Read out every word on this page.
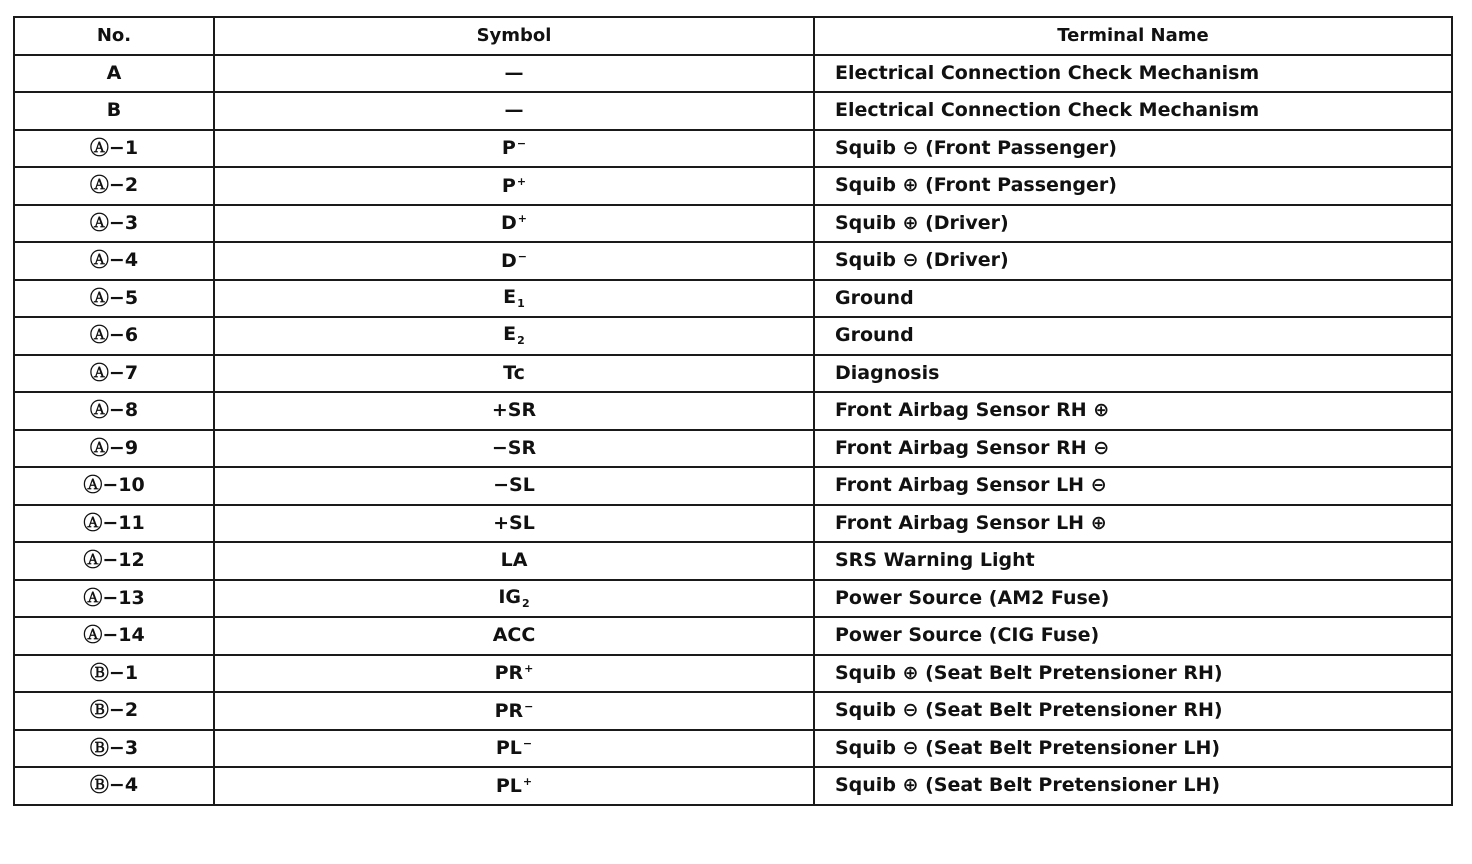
No.	Symbol	Terminal Name
A	—	Electrical Connection Check Mechanism
B	—	Electrical Connection Check Mechanism
Ⓐ−1	P−	Squib ⊖ (Front Passenger)
Ⓐ−2	P+	Squib ⊕ (Front Passenger)
Ⓐ−3	D+	Squib ⊕ (Driver)
Ⓐ−4	D−	Squib ⊖ (Driver)
Ⓐ−5	$E_1$	Ground
Ⓐ−6	$E_2$	Ground
Ⓐ−7	Tc	Diagnosis
Ⓐ−8	+SR	Front Airbag Sensor RH ⊕
Ⓐ−9	−SR	Front Airbag Sensor RH ⊖
Ⓐ−10	−SL	Front Airbag Sensor LH ⊖
Ⓐ−11	+SL	Front Airbag Sensor LH ⊕
Ⓐ−12	LA	SRS Warning Light
Ⓐ−13	$IG_2$	Power Source (AM2 Fuse)
Ⓐ−14	ACC	Power Source (CIG Fuse)
Ⓑ−1	PR+	Squib ⊕ (Seat Belt Pretensioner RH)
Ⓑ−2	PR−	Squib ⊖ (Seat Belt Pretensioner RH)
Ⓑ−3	PL−	Squib ⊖ (Seat Belt Pretensioner LH)
Ⓑ−4	PL+	Squib ⊕ (Seat Belt Pretensioner LH)
